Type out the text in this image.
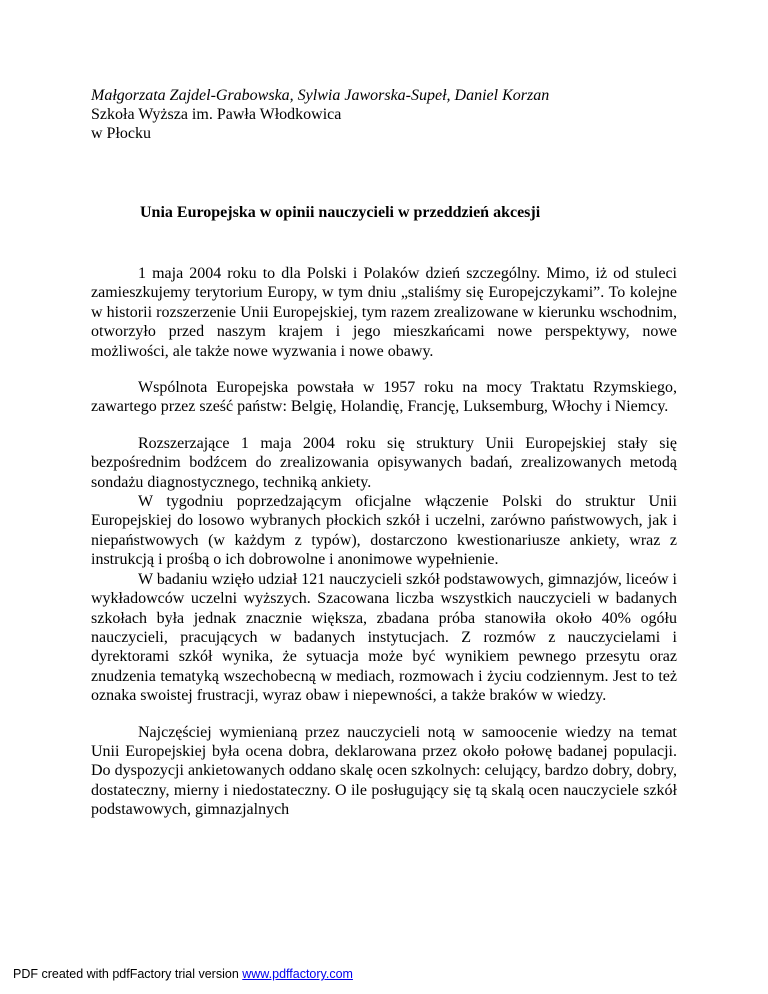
Małgorzata Zajdel-Grabowska, Sylwia Jaworska-Supeł, Daniel Korzan
Szkoła Wyższa im. Pawła Włodkowica
w Płocku
Unia Europejska w opinii nauczycieli w przeddzień akcesji

1 maja 2004 roku to dla Polski i Polaków dzień szczególny. Mimo, iż od stuleci zamieszkujemy terytorium Europy, w tym dniu „staliśmy się Europejczykami”. To kolejne w historii rozszerzenie Unii Europejskiej, tym razem zrealizowane w kierunku wschodnim, otworzyło przed naszym krajem i jego mieszkańcami nowe perspektywy, nowe możliwości, ale także nowe wyzwania i nowe obawy.

Wspólnota Europejska powstała w 1957 roku na mocy Traktatu Rzymskiego, zawartego przez sześć państw: Belgię, Holandię, Francję, Luksemburg, Włochy i Niemcy.

Rozszerzające 1 maja 2004 roku się struktury Unii Europejskiej stały się bezpośrednim bodźcem do zrealizowania opisywanych badań, zrealizowanych metodą sondażu diagnostycznego, techniką ankiety.

W tygodniu poprzedzającym oficjalne włączenie Polski do struktur Unii Europejskiej do losowo wybranych płockich szkół i uczelni, zarówno państwowych, jak i niepaństwowych (w każdym z typów), dostarczono kwestionariusze ankiety, wraz z instrukcją i prośbą o ich dobrowolne i anonimowe wypełnienie.

W badaniu wzięło udział 121 nauczycieli szkół podstawowych, gimnazjów, liceów i wykładowców uczelni wyższych. Szacowana liczba wszystkich nauczycieli w badanych szkołach była jednak znacznie większa, zbadana próba stanowiła około 40% ogółu nauczycieli, pracujących w badanych instytucjach. Z rozmów z nauczycielami i dyrektorami szkół wynika, że sytuacja może być wynikiem pewnego przesytu oraz znudzenia tematyką wszechobecną w mediach, rozmowach i życiu codziennym. Jest to też oznaka swoistej frustracji, wyraz obaw i niepewności, a także braków w wiedzy.

Najczęściej wymienianą przez nauczycieli notą w samoocenie wiedzy na temat Unii Europejskiej była ocena dobra, deklarowana przez około połowę badanej populacji. Do dyspozycji ankietowanych oddano skalę ocen szkolnych: celujący, bardzo dobry, dobry, dostateczny, mierny i niedostateczny. O ile posługujący się tą skalą ocen nauczyciele szkół podstawowych, gimnazjalnych

PDF created with pdfFactory trial version www.pdffactory.com
